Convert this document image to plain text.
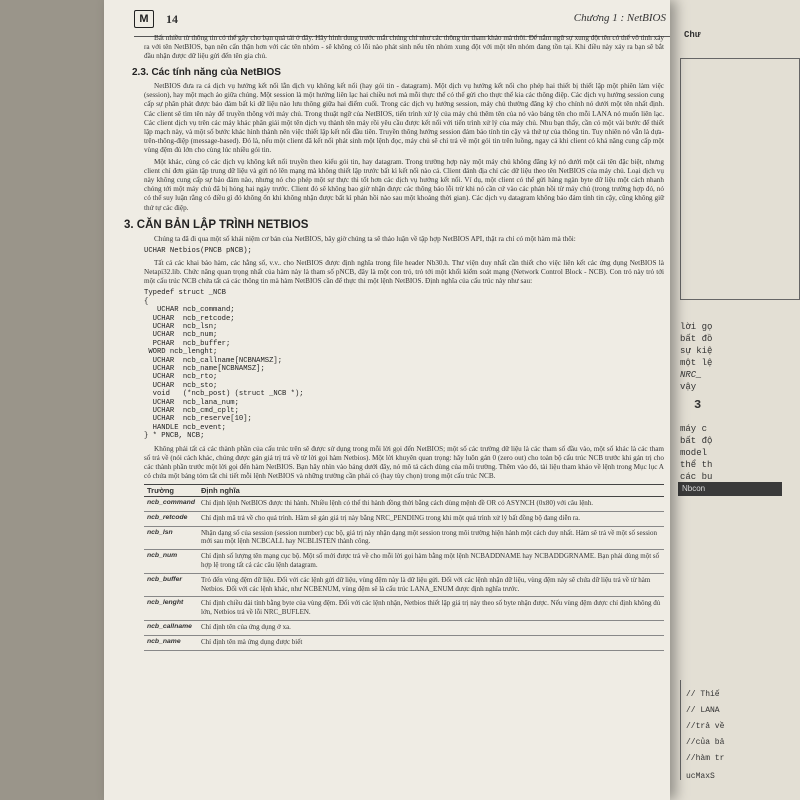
Chư
lời gọ
bất đồ
sự kiệ
một lệ
NRC_
vậy
3
máy c
bất độ
model
thể th
các bu
Nbcon
// Thiế
// LANA
//trả về
//của bả
//hàm tr
ucMaxS
M	14	Chương 1 : NetBIOS

Bất nhiều từ thông tin có thể gây cho bạn quá tải ở đây. Hãy hình dung trước mắt chúng chỉ như các thông tin tham khảo mà thôi. Để nắm ngữ sự xung đột tên có thể vô tình xảy ra với tên NetBIOS, bạn nên cẩn thận hơn với các tên nhóm - sẽ không có lỗi nào phát sinh nếu tên nhóm xung đột với một tên nhóm đang tồn tại. Khi điều này xảy ra bạn sẽ bắt đầu nhận được dữ liệu gửi đến tên gia chủ.

2.3. Các tính năng của NetBIOS

NetBIOS đưa ra cả dịch vụ hướng kết nối lẫn dịch vụ không kết nối (hay gói tin - datagram). Một dịch vụ hướng kết nối cho phép hai thiết bị thiết lập một phiên làm việc (session), hay một mạch ảo giữa chúng. Một session là một hướng liên lạc hai chiều nơi mà mỗi thực thể có thể gửi cho thực thể kia các thông điệp. Các dịch vụ hướng session cung cấp sự phân phát được bảo đảm bất kì dữ liệu nào lưu thông giữa hai điểm cuối. Trong các dịch vụ hướng session, máy chủ thường đăng ký cho chính nó dưới một tên nhất định. Các client sẽ tìm tên này để truyền thông với máy chủ. Trong thuật ngữ của NetBIOS, tiến trình xử lý của máy chủ thêm tên của nó vào bảng tên cho mỗi LANA nó muốn liên lạc. Các client dịch vụ trên các máy khác phân giải một tên dịch vụ thành tên máy rồi yêu cầu được kết nối với tiến trình xử lý của máy chủ. Nhu bạn thấy, cần có một vài bước để thiết lập mạch này, và một số bước khác hình thành nên việc thiết lập kết nối đầu tiên. Truyền thông hướng session đảm bảo tính tin cậy và thứ tự của thông tin. Tuy nhiên nó vẫn là dựa-trên-thông-điệp (message-based). Đó là, nếu một client đã kết nối phát sinh một lệnh đọc, máy chủ sẽ chỉ trả về một gói tin trên luồng, ngay cả khi client có khả năng cung cấp một vùng đệm đủ lớn cho cùng lúc nhiều gói tin.

Một khác, cùng có các dịch vụ không kết nối truyền theo kiểu gói tin, hay datagram. Trong trường hợp này một máy chủ không đăng ký nó dưới một cái tên đặc biệt, nhưng client chỉ đơn giản tập trung dữ liệu và gửi nó lên mạng mà không thiết lập trước bất kì kết nối nào cả. Client đánh địa chỉ các dữ liệu theo tên NetBIOS của máy chủ. Loại dịch vụ này không cung cấp sự bảo đảm nào, nhưng nó cho phép một sự thực thi tốt hơn các dịch vụ hướng kết nối. Ví dụ, một client có thể gửi hàng ngàn byte dữ liệu một cách nhanh chóng tới một máy chủ đã bị hỏng hai ngày trước. Client đó sẽ không bao giờ nhận được các thông báo lỗi trừ khi nó cần cứ vào các phản hồi từ máy chủ (trong trường hợp đó, nó có thể suy luận rằng có điều gì đó không ổn khi không nhận được bất kì phản hồi nào sau một khoảng thời gian). Các dịch vụ datagram không bảo đảm tính tin cậy, cũng không giữ thứ tự các điệp.

3. CĂN BẢN LẬP TRÌNH NETBIOS

Chúng ta đã đi qua một số khái niệm cơ bản của NetBIOS, bây giờ chúng ta sẽ thảo luận về tập hợp NetBIOS API, thật ra chỉ có một hàm mà thôi:

UCHAR Netbios(PNCB pNCB);

Tất cả các khai báo hàm, các hằng số, v.v.. cho NetBIOS được định nghĩa trong file header Nb30.h. Thư viện duy nhất cần thiết cho việc liên kết các ứng dụng NetBIOS là Netapi32.lib. Chức năng quan trọng nhất của hàm này là tham số pNCB, đây là một con trỏ, trỏ tới một khối kiểm soát mạng (Network Control Block - NCB). Con trỏ này trỏ tới một cấu trúc NCB chứa tất cả các thông tin mà hàm NetBIOS cần để thực thi một lệnh NetBIOS. Định nghĩa của cấu trúc này như sau:

Typedef struct _NCB
{
UCHAR ncb_command;
UCHAR  ncb_retcode;
UCHAR  ncb_lsn;
UCHAR  ncb_num;
PCHAR  ncb_buffer;
WORD ncb_lenght;
UCHAR  ncb_callname[NCBNAMSZ];
UCHAR  ncb_name[NCBNAMSZ];
UCHAR  ncb_rto;
UCHAR  ncb_sto;
void   (*ncb_post) (struct _NCB *);
UCHAR  ncb_lana_num;
UCHAR  ncb_cmd_cplt;
UCHAR  ncb_reserve[10];
HANDLE ncb_event;
} * PNCB, NCB;

Không phải tất cả các thành phần của cấu trúc trên sẽ được sử dụng trong mỗi lời gọi đến NetBIOS; một số các trường dữ liệu là các tham số đầu vào, một số khác là các tham số trả về (nói cách khác, chúng được gán giá trị trả về từ lời gọi hàm Netbios). Một lời khuyên quan trọng: hãy luôn gán 0 (zero out) cho toàn bộ cấu trúc NCB trước khi gán trị cho các thành phần trước một lời gọi đến hàm NetBIOS. Bạn hãy nhìn vào bảng dưới đây, nó mô tả cách dùng của mỗi trường. Thêm vào đó, tài liệu tham khảo về lệnh trong Mục lục A có chứa một bảng tóm tắt chi tiết mỗi lệnh NetBIOS và những trường cần phải có (hay tùy chọn) trong một cấu trúc NCB.

Trường	Định nghĩa
ncb_command	Chỉ định lệnh NetBIOS được thi hành. Nhiều lệnh có thể thi hành đồng thời bằng cách dùng mệnh đề OR có ASYNCH (0x80) với câu lệnh.
ncb_retcode	Chỉ định mã trả về cho quá trình. Hàm sẽ gán giá trị này bằng NRC_PENDING trong khi một quá trình xử lý bất đồng bộ đang diễn ra.
ncb_lsn	Nhận dạng số của session (session number) cục bộ, giá trị này nhận dạng một session trong môi trường hiện hành một cách duy nhất. Hàm sẽ trả về một số session mới sau một lệnh NCBCALL hay NCBLISTEN thành công.
ncb_num	Chỉ định số lượng tên mạng cục bộ. Một số mới được trả về cho mỗi lời gọi hàm bằng một lệnh NCBADDNAME hay NCBADDGRNAME. Bạn phải dùng một số hợp lệ trong tất cả các câu lệnh datagram.
ncb_buffer	Trỏ đến vùng đệm dữ liệu. Đối với các lệnh gửi dữ liệu, vùng đệm này là dữ liệu gửi. Đối với các lệnh nhận dữ liệu, vùng đệm này sẽ chứa dữ liệu trả về từ hàm Netbios. Đối với các lệnh khác, như NCBENUM, vùng đệm sẽ là cấu trúc LANA_ENUM được định nghĩa trước.
ncb_lenght	Chỉ định chiều dài tính bằng byte của vùng đệm. Đối với các lệnh nhận, Netbios thiết lập giá trị này theo số byte nhận được. Nếu vùng đệm được chỉ định không đủ lớn, Netbios trả về lỗi NRC_BUFLEN.
ncb_callname	Chỉ định tên của ứng dụng ở xa.
ncb_name	Chỉ định tên mà ứng dụng được biết
